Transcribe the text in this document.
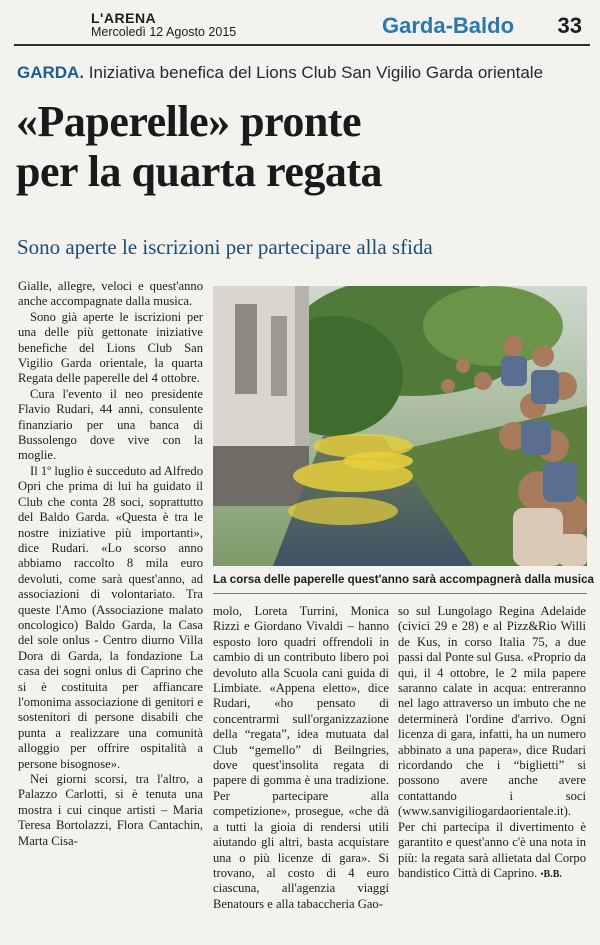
L'ARENA
Mercoledì 12 Agosto 2015	Garda-Baldo 33
GARDA. Iniziativa benefica del Lions Club San Vigilio Garda orientale
«Paperelle» pronte
per la quarta regata
Sono aperte le iscrizioni per partecipare alla sfida

Gialle, allegre, veloci e quest'anno anche accompagnate dalla musica.

Sono già aperte le iscrizioni per una delle più gettonate iniziative benefiche del Lions Club San Vigilio Garda orientale, la quarta Regata delle paperelle del 4 ottobre.

Cura l'evento il neo presidente Flavio Rudari, 44 anni, consulente finanziario per una banca di Bussolengo dove vive con la moglie.

Il 1º luglio è succeduto ad Alfredo Opri che prima di lui ha guidato il Club che conta 28 soci, soprattutto del Baldo Garda. «Questa è tra le nostre iniziative più importanti», dice Rudari. «Lo scorso anno abbiamo raccolto 8 mila euro devoluti, come sarà quest'anno, ad associazioni di volontariato. Tra queste l'Amo (Associazione malato oncologico) Baldo Garda, la Casa del sole onlus - Centro diurno Villa Dora di Garda, la fondazione La casa dei sogni onlus di Caprino che si è costituita per affiancare l'omonima associazione di genitori e sostenitori di persone disabili che punta a realizzare una comunità alloggio per offrire ospitalità a persone bisognose».

Nei giorni scorsi, tra l'altro, a Palazzo Carlotti, si è tenuta una mostra i cui cinque artisti – Maria Teresa Bortolazzi, Flora Cantachin, Marta Cisa-

La corsa delle paperelle quest'anno sarà accompagnerà dalla musica

molo, Loreta Turrini, Monica Rizzi e Giordano Vivaldi – hanno esposto loro quadri offrendoli in cambio di un contributo libero poi devoluto alla Scuola cani guida di Limbiate. «Appena eletto», dice Rudari, «ho pensato di concentrarmi sull'organizzazione della “regata”, idea mutuata dal Club “gemello” di Beilngries, dove quest'insolita regata di papere di gomma è una tradizione. Per partecipare alla competizione», prosegue, «che dà a tutti la gioia di rendersi utili aiutando gli altri, basta acquistare una o più licenze di gara». Si trovano, al costo di 4 euro ciascuna, all'agenzia viaggi Benatours e alla tabaccheria Gao-

so sul Lungolago Regina Adelaide (civici 29 e 28) e al Pizz&Rio Willi de Kus, in corso Italia 75, a due passi dal Ponte sul Gusa. «Proprio da qui, il 4 ottobre, le 2 mila papere saranno calate in acqua: entreranno nel lago attraverso un imbuto che ne determinerà l'ordine d'arrivo. Ogni licenza di gara, infatti, ha un numero abbinato a una papera», dice Rudari ricordando che i “biglietti” si possono avere anche avere contattando i soci (www.sanvigiliogardaorientale.it). Per chi partecipa il divertimento è garantito e quest'anno c'è una nota in più: la regata sarà allietata dal Corpo bandistico Città di Caprino. •B.B.
